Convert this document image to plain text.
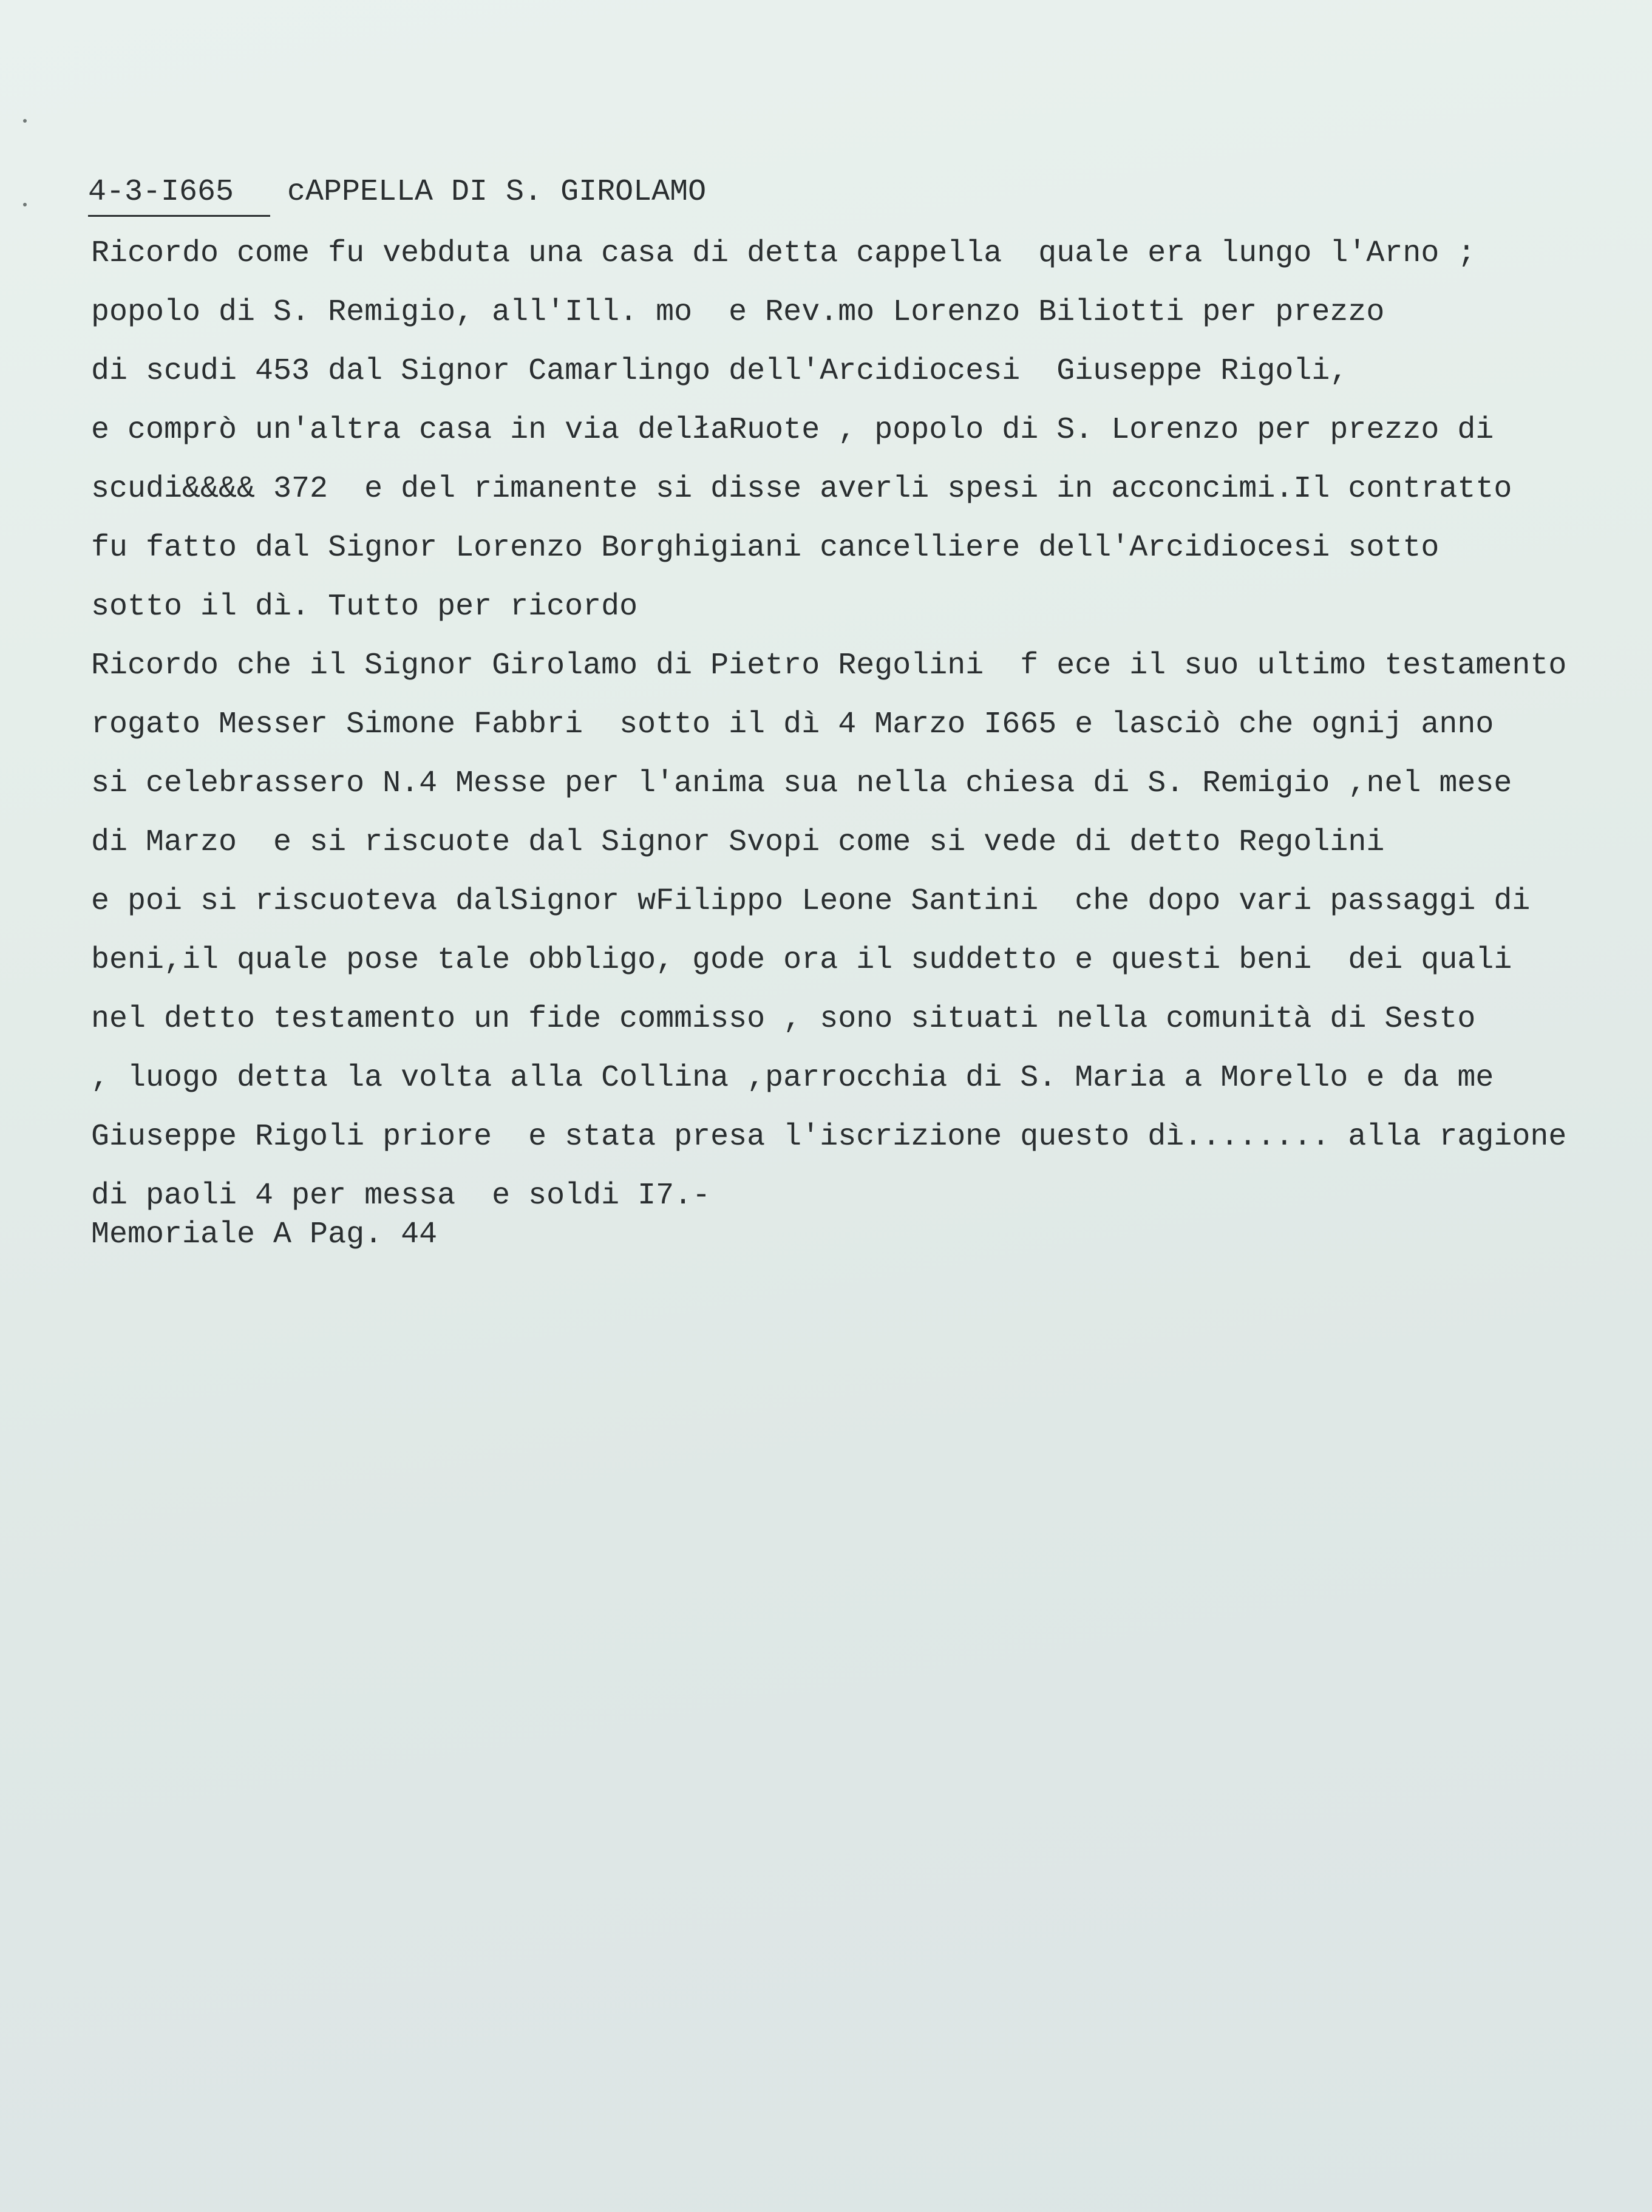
4-3-I665 cAPPELLA DI S. GIROLAMO
Ricordo come fu vebduta una casa di detta cappella  quale era lungo l'Arno ;
popolo di S. Remigio, all'Ill. mo  e Rev.mo Lorenzo Biliotti per prezzo
di scudi 453 dal Signor Camarlingo dell'Arcidiocesi  Giuseppe Rigoli,
e comprò un'altra casa in via delłaRuote , popolo di S. Lorenzo per prezzo di
scudi&&&& 372  e del rimanente si disse averli spesi in acconcimi.Il contratto
fu fatto dal Signor Lorenzo Borghigiani cancelliere dell'Arcidiocesi sotto
sotto il dì. Tutto per ricordo
Ricordo che il Signor Girolamo di Pietro Regolini  f ece il suo ultimo testamento
rogato Messer Simone Fabbri  sotto il dì 4 Marzo I665 e lasciò che ognij anno
si celebrassero N.4 Messe per l'anima sua nella chiesa di S. Remigio ,nel mese
di Marzo  e si riscuote dal Signor Svopi come si vede di detto Regolini
e poi si riscuoteva dalSignor wFilippo Leone Santini  che dopo vari passaggi di
beni,il quale pose tale obbligo, gode ora il suddetto e questi beni  dei quali
nel detto testamento un fide commisso , sono situati nella comunità di Sesto
, luogo detta la volta alla Collina ,parrocchia di S. Maria a Morello e da me
Giuseppe Rigoli priore  e stata presa l'iscrizione questo dì........ alla ragione
di paoli 4 per messa  e soldi I7.-
Memoriale A Pag. 44
